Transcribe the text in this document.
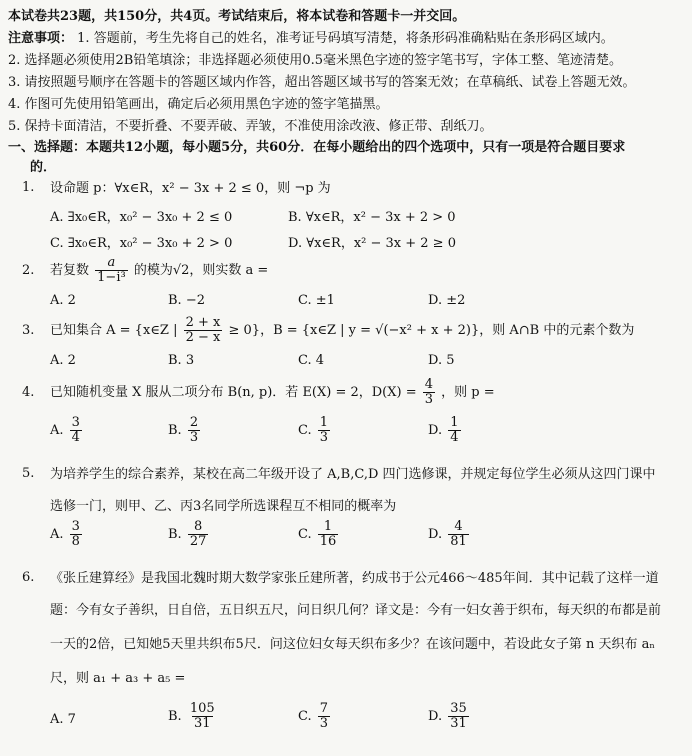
本试卷共23题，共150分，共4页。考试结束后，将本试卷和答题卡一并交回。
注意事项： 1. 答题前，考生先将自己的姓名，准考证号码填写清楚，将条形码准确粘贴在条形码区域内。
2. 选择题必须使用2B铅笔填涂；非选择题必须使用0.5毫米黑色字迹的签字笔书写，字体工整、笔迹清楚。
3. 请按照题号顺序在答题卡的答题区域内作答，超出答题区域书写的答案无效；在草稿纸、试卷上答题无效。
4. 作图可先使用铅笔画出，确定后必须用黑色字迹的签字笔描黑。
5. 保持卡面清洁，不要折叠、不要弄破、弄皱，不准使用涂改液、修正带、刮纸刀。
一、选择题：本题共12小题，每小题5分，共60分．在每小题给出的四个选项中，只有一项是符合题目要求
的．
1. 设命题 p：∀x∈R，x² − 3x + 2 ≤ 0，则 ¬p 为
A. ∃x₀∈R，x₀² − 3x₀ + 2 ≤ 0	B. ∀x∈R，x² − 3x + 2 > 0
C. ∃x₀∈R，x₀² − 3x₀ + 2 > 0	D. ∀x∈R，x² − 3x + 2 ≥ 0
2. 若复数 $\frac{a}{\text{1−i³}}$ 的模为√2，则实数 a =
A. 2	B. −2	C. ±1	D. ±2
3. 已知集合 A = {x∈Z | $\frac{2 + x}{2 - x} \ge 0$}，B = {x∈Z | y = √(−x² + x + 2)}，则 A∩B 中的元素个数为
A. 2	B. 3	C. 4	D. 5
4. 已知随机变量 X 服从二项分布 B(n, p)．若 E(X) = 2，$D(X) = \frac{4}{3}$ ，则 p =
A. $\frac{3}{4}$	B. $\frac{2}{3}$	C. $\frac{1}{3}$	D. $\frac{1}{4}$
5. 为培养学生的综合素养，某校在高二年级开设了 A,B,C,D 四门选修课，并规定每位学生必须从这四门课中
选修一门，则甲、乙、丙3名同学所选课程互不相同的概率为
A. $\frac{3}{8}$	B. $\frac{8}{27}$	C. $\frac{1}{16}$	D. $\frac{4}{81}$
6. 《张丘建算经》是我国北魏时期大数学家张丘建所著，约成书于公元466～485年间．其中记载了这样一道
题：今有女子善织，日自倍，五日织五尺，问日织几何？译文是：今有一妇女善于织布，每天织的布都是前
一天的2倍，已知她5天里共织布5尺．问这位妇女每天织布多少？在该问题中，若设此女子第 n 天织布 aₙ
尺，则 a₁ + a₃ + a₅ =
A. 7	B. $\frac{105}{31}$	C. $\frac{7}{3}$	D. $\frac{35}{31}$
